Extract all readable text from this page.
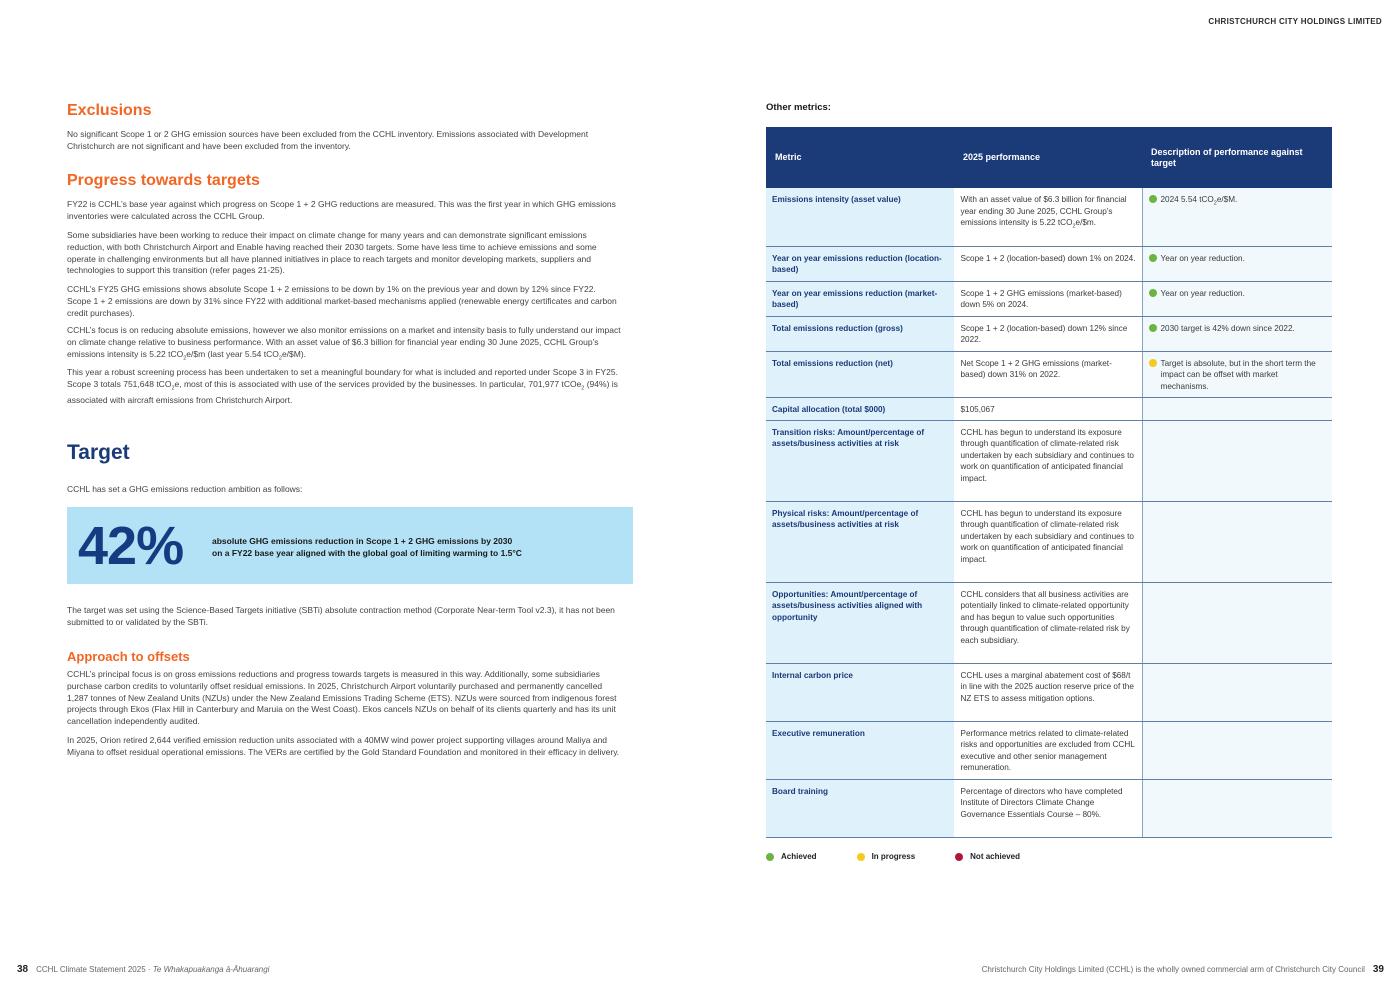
Exclusions
No significant Scope 1 or 2 GHG emission sources have been excluded from the CCHL inventory. Emissions associated with Development Christchurch are not significant and have been excluded from the inventory.
Progress towards targets
FY22 is CCHL’s base year against which progress on Scope 1 + 2 GHG reductions are measured. This was the first year in which GHG emissions inventories were calculated across the CCHL Group.
Some subsidiaries have been working to reduce their impact on climate change for many years and can demonstrate significant emissions reduction, with both Christchurch Airport and Enable having reached their 2030 targets. Some have less time to achieve emissions and some operate in challenging environments but all have planned initiatives in place to reach targets and monitor developing markets, suppliers and technologies to support this transition (refer pages 21-25).
CCHL’s FY25 GHG emissions shows absolute Scope 1 + 2 emissions to be down by 1% on the previous year and down by 12% since FY22. Scope 1 + 2 emissions are down by 31% since FY22 with additional market-based mechanisms applied (renewable energy certificates and carbon credit purchases).
CCHL’s focus is on reducing absolute emissions, however we also monitor emissions on a market and intensity basis to fully understand our impact on climate change relative to business performance. With an asset value of $6.3 billion for financial year ending 30 June 2025, CCHL Group’s emissions intensity is 5.22 tCO$_2$e/$m (last year 5.54 tCO$_2$e/$M).
This year a robust screening process has been undertaken to set a meaningful boundary for what is included and reported under Scope 3 in FY25. Scope 3 totals 751,648 tCO$_2$e, most of this is associated with use of the services provided by the businesses. In particular, 701,977 tCOe$_2$ (94%) is associated with aircraft emissions from Christchurch Airport.
Target
CCHL has set a GHG emissions reduction ambition as follows:
42%	absolute GHG emissions reduction in Scope 1 + 2 GHG emissions by 2030
on a FY22 base year aligned with the global goal of limiting warming to 1.5°C
The target was set using the Science-Based Targets initiative (SBTi) absolute contraction method (Corporate Near-term Tool v2.3), it has not been submitted to or validated by the SBTi.
Approach to offsets
CCHL’s principal focus is on gross emissions reductions and progress towards targets is measured in this way. Additionally, some subsidiaries purchase carbon credits to voluntarily offset residual emissions. In 2025, Christchurch Airport voluntarily purchased and permanently cancelled 1,287 tonnes of New Zealand Units (NZUs) under the New Zealand Emissions Trading Scheme (ETS). NZUs were sourced from indigenous forest projects through Ekos (Flax Hill in Canterbury and Maruia on the West Coast). Ekos cancels NZUs on behalf of its clients quarterly and has its unit cancellation independently audited.
In 2025, Orion retired 2,644 verified emission reduction units associated with a 40MW wind power project supporting villages around Maliya and Miyana to offset residual operational emissions. The VERs are certified by the Gold Standard Foundation and monitored in their efficacy in delivery.
38 CCHL Climate Statement 2025 · Te Whakapuakanga ā-Āhuarangi
CHRISTCHURCH CITY HOLDINGS LIMITED
Other metrics:
Metric	2025 performance	Description of performance against target
Emissions intensity (asset value)	With an asset value of $6.3 billion for financial year ending 30 June 2025, CCHL Group’s emissions intensity is 5.22 tCO$_2$e/$m.	2024 5.54 tCO$_2$e/$M.

Year on year emissions reduction (location-based)	Scope 1 + 2 (location-based) down 1% on 2024.	Year on year reduction.

Year on year emissions reduction (market-based)	Scope 1 + 2 GHG emissions (market-based) down 5% on 2024.	Year on year reduction.

Total emissions reduction (gross)	Scope 1 + 2 (location-based) down 12% since 2022.	2030 target is 42% down since 2022.

Total emissions reduction (net)	Net Scope 1 + 2 GHG emissions (market-based) down 31% on 2022.	Target is absolute, but in the short term the impact can be offset with market mechanisms.

Capital allocation (total $000)	$105,067	
Transition risks: Amount/percentage of assets/business activities at risk	CCHL has begun to understand its exposure through quantification of climate-related risk undertaken by each subsidiary and continues to work on quantification of anticipated financial impact.	
Physical risks: Amount/percentage of assets/business activities at risk	CCHL has begun to understand its exposure through quantification of climate-related risk undertaken by each subsidiary and continues to work on quantification of anticipated financial impact.	
Opportunities: Amount/percentage of assets/business activities aligned with opportunity	CCHL considers that all business activities are potentially linked to climate-related opportunity and has begun to value such opportunities through quantification of climate-related risk by each subsidiary.	
Internal carbon price	CCHL uses a marginal abatement cost of $68/t in line with the 2025 auction reserve price of the NZ ETS to assess mitigation options.	
Executive remuneration	Performance metrics related to climate-related risks and opportunities are excluded from CCHL executive and other senior management remuneration.	
Board training	Percentage of directors who have completed Institute of Directors Climate Change Governance Essentials Course – 80%.	
Achieved	In progress	Not achieved
Christchurch City Holdings Limited (CCHL) is the wholly owned commercial arm of Christchurch City Council 39
